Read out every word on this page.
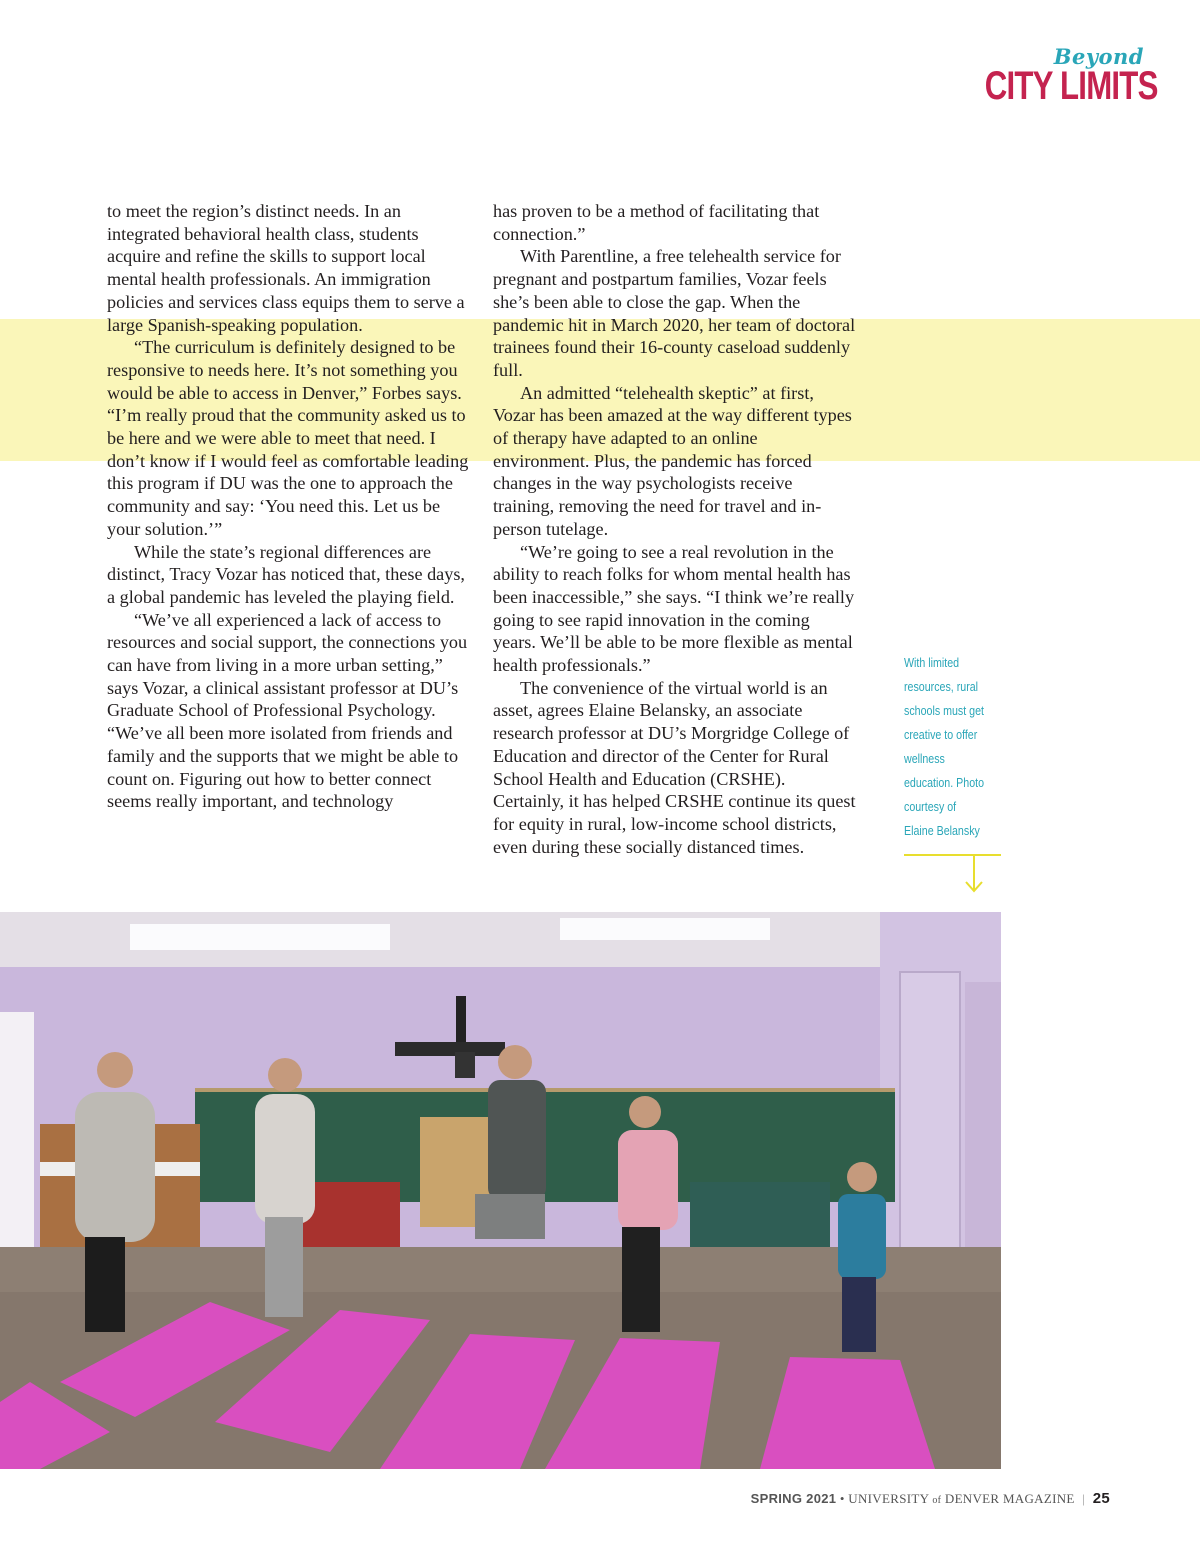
Beyond
CITY LIMITS

to meet the region’s distinct needs. In an integrated behavioral health class, students acquire and refine the skills to support local mental health professionals. An immigration policies and services class equips them to serve a large Spanish-speaking population.

“The curriculum is definitely designed to be responsive to needs here. It’s not something you would be able to access in Denver,” Forbes says. “I’m really proud that the community asked us to be here and we were able to meet that need. I don’t know if I would feel as comfortable leading this program if DU was the one to approach the community and say: ‘You need this. Let us be your solution.’”

While the state’s regional differences are distinct, Tracy Vozar has noticed that, these days, a global pandemic has leveled the playing field.

“We’ve all experienced a lack of access to resources and social support, the connections you can have from living in a more urban setting,” says Vozar, a clinical assistant professor at DU’s Graduate School of Professional Psychology. “We’ve all been more isolated from friends and family and the supports that we might be able to count on. Figuring out how to better connect seems really important, and technology

has proven to be a method of facilitating that connection.”

With Parentline, a free telehealth service for pregnant and postpartum families, Vozar feels she’s been able to close the gap. When the pandemic hit in March 2020, her team of doctoral trainees found their 16-county caseload suddenly full.

An admitted “telehealth skeptic” at first, Vozar has been amazed at the way different types of therapy have adapted to an online environment. Plus, the pandemic has forced changes in the way psychologists receive training, removing the need for travel and in-person tutelage.

“We’re going to see a real revolution in the ability to reach folks for whom mental health has been inaccessible,” she says. “I think we’re really going to see rapid innovation in the coming years. We’ll be able to be more flexible as mental health professionals.”

The convenience of the virtual world is an asset, agrees Elaine Belansky, an associate research professor at DU’s Morgridge College of Education and director of the Center for Rural School Health and Education (CRSHE). Certainly, it has helped CRSHE continue its quest for equity in rural, low-income school districts, even during these socially distanced times.

With limited resources, rural schools must get creative to offer wellness education. Photo courtesy of Elaine Belansky
SPRING 2021 • UNIVERSITY of DENVER MAGAZINE | 25
